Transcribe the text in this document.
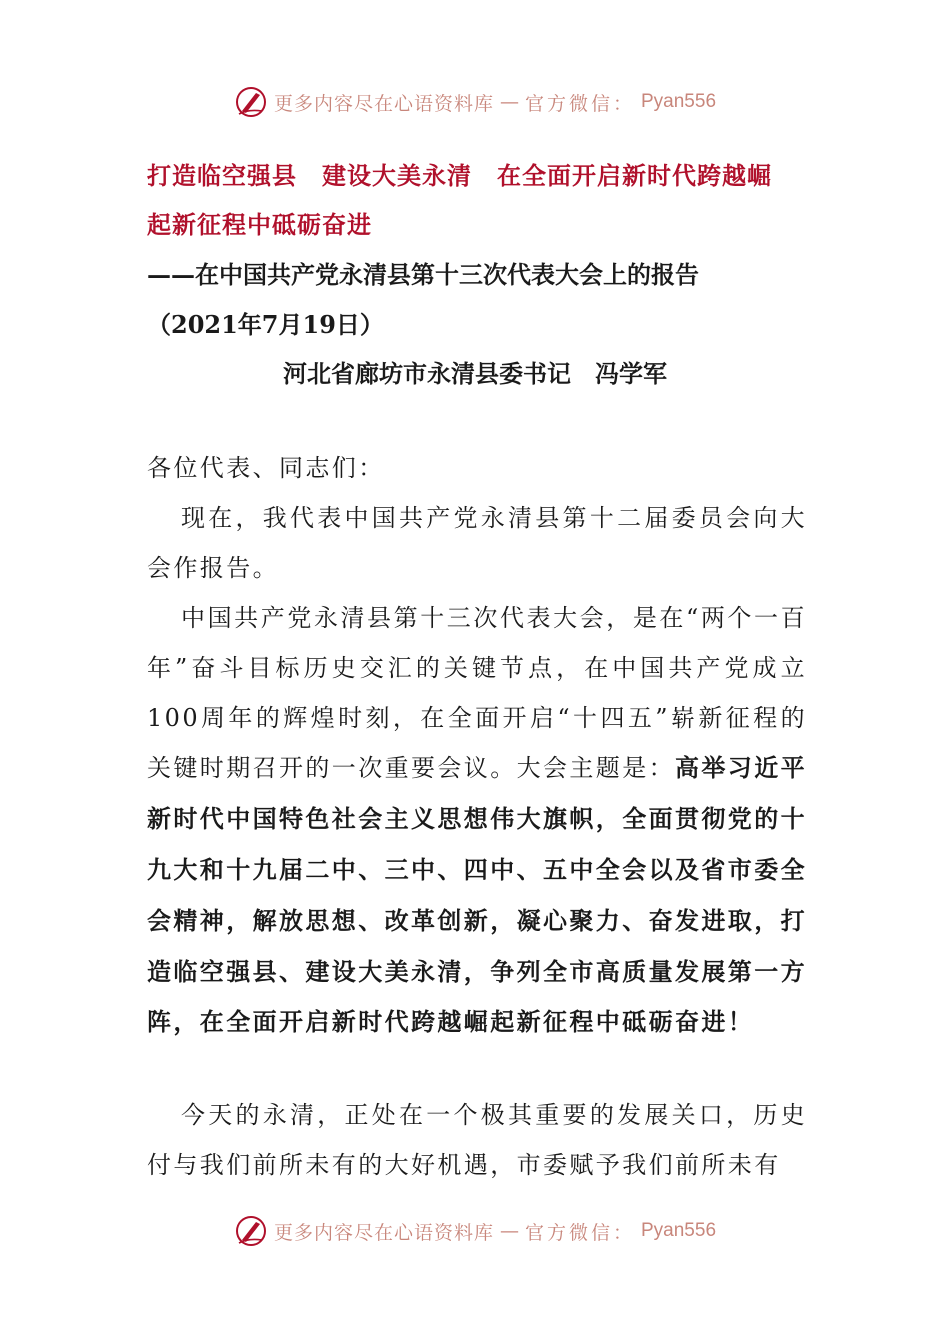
更多内容尽在心语资料库 — 官方微信： Pyan556
打造临空强县　建设大美永清　在全面开启新时代跨越崛
起新征程中砥砺奋进
——在中国共产党永清县第十三次代表大会上的报告
（2021年7月19日）
河北省廊坊市永清县委书记　冯学军
各位代表、同志们：
现在，我代表中国共产党永清县第十二届委员会向大会作报告。
中国共产党永清县第十三次代表大会，是在“两个一百年”奋斗目标历史交汇的关键节点，在中国共产党成立100周年的辉煌时刻，在全面开启“十四五”崭新征程的关键时期召开的一次重要会议。大会主题是：高举习近平新时代中国特色社会主义思想伟大旗帜，全面贯彻党的十九大和十九届二中、三中、四中、五中全会以及省市委全会精神，解放思想、改革创新，凝心聚力、奋发进取，打造临空强县、建设大美永清，争列全市高质量发展第一方阵，在全面开启新时代跨越崛起新征程中砥砺奋进！
今天的永清，正处在一个极其重要的发展关口，历史付与我们前所未有的大好机遇，市委赋予我们前所未有
更多内容尽在心语资料库 — 官方微信： Pyan556
